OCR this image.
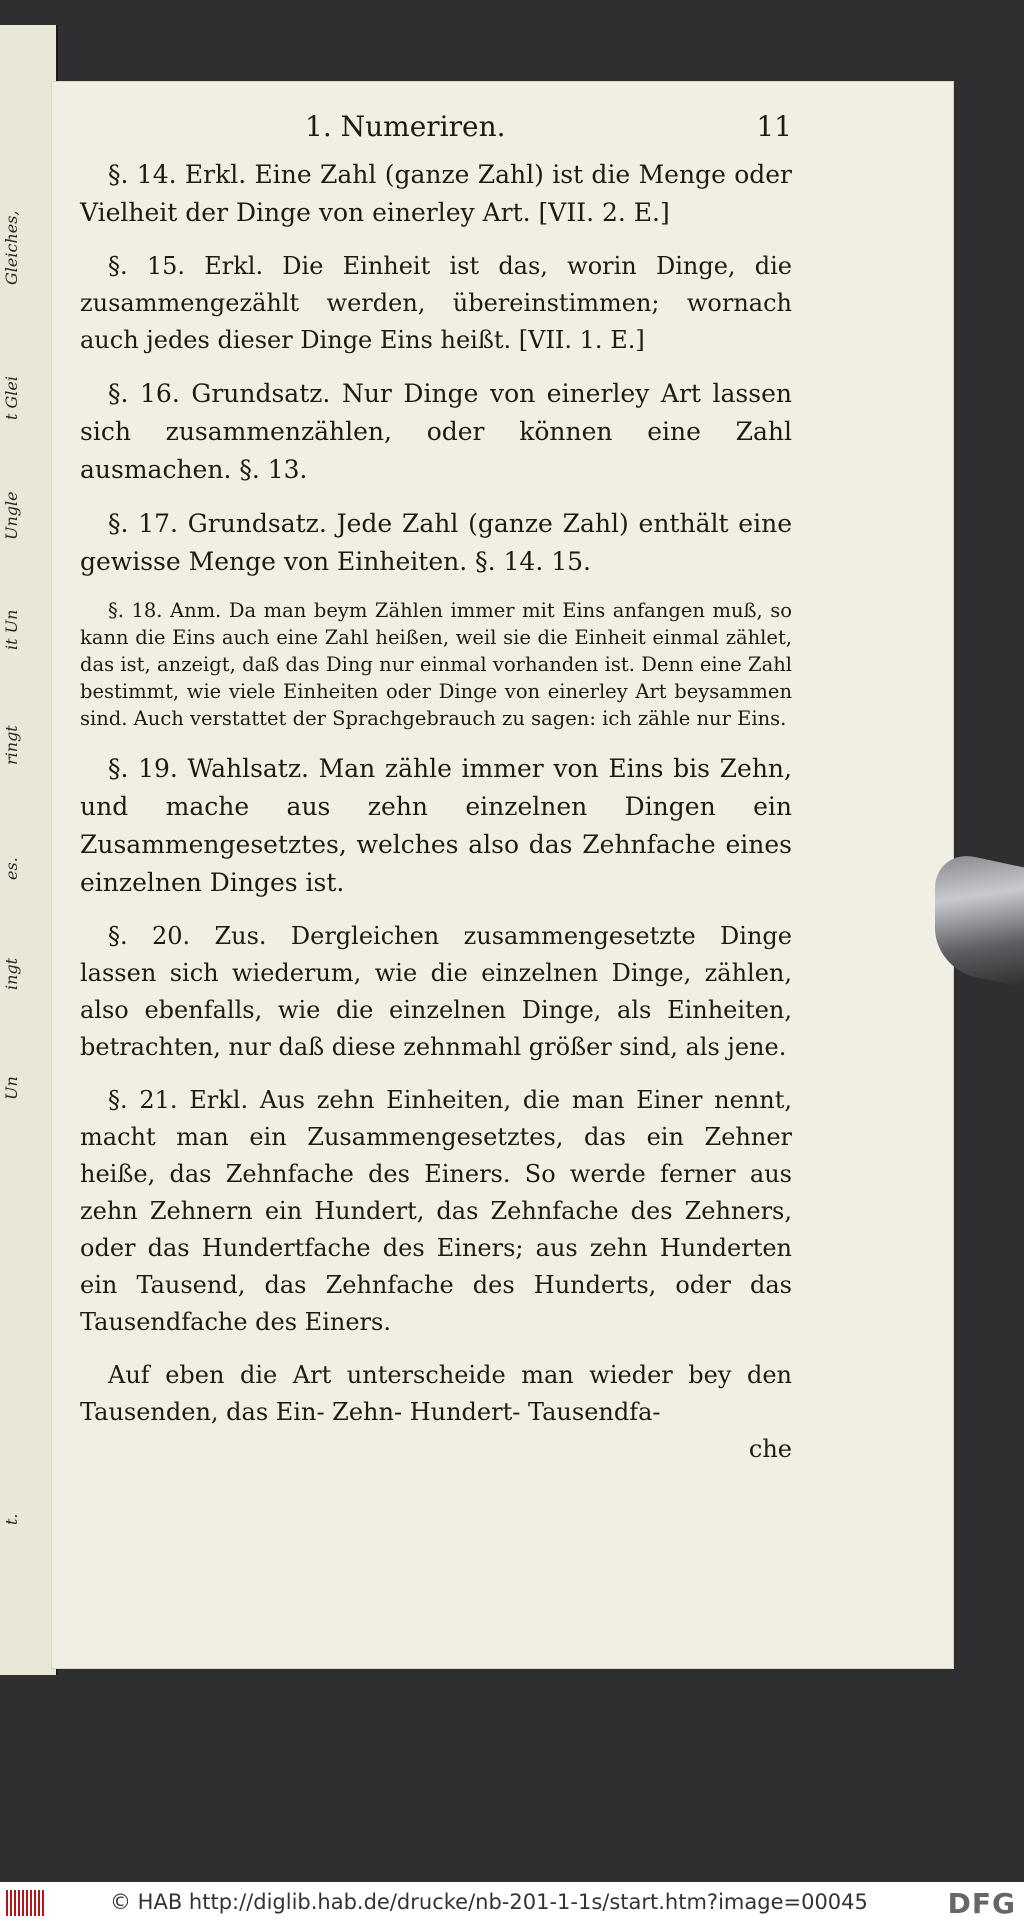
Gleiches,
t Glei
Ungle
it Un
ringt
es.
ingt
Un
t.
1. Numeriren.	11

§. 14. Erkl. Eine Zahl (ganze Zahl) ist die Menge oder Vielheit der Dinge von einerley Art. [VII. 2. E.]

§. 15. Erkl. Die Einheit ist das, worin Dinge, die zusammengezählt werden, übereinstimmen; wornach auch jedes dieser Dinge Eins heißt. [VII. 1. E.]

§. 16. Grundsatz. Nur Dinge von einerley Art lassen sich zusammenzählen, oder können eine Zahl ausmachen. §. 13.

§. 17. Grundsatz. Jede Zahl (ganze Zahl) enthält eine gewisse Menge von Einheiten. §. 14. 15.

§. 18. Anm. Da man beym Zählen immer mit Eins anfangen muß, so kann die Eins auch eine Zahl heißen, weil sie die Einheit einmal zählet, das ist, anzeigt, daß das Ding nur einmal vorhanden ist. Denn eine Zahl bestimmt, wie viele Einheiten oder Dinge von einerley Art beysammen sind. Auch verstattet der Sprachgebrauch zu sagen: ich zähle nur Eins.

§. 19. Wahlsatz. Man zähle immer von Eins bis Zehn, und mache aus zehn einzelnen Dingen ein Zusammengesetztes, welches also das Zehnfache eines einzelnen Dinges ist.

§. 20. Zus. Dergleichen zusammengesetzte Dinge lassen sich wiederum, wie die einzelnen Dinge, zählen, also ebenfalls, wie die einzelnen Dinge, als Einheiten, betrachten, nur daß diese zehnmahl größer sind, als jene.

§. 21. Erkl. Aus zehn Einheiten, die man Einer nennt, macht man ein Zusammengesetztes, das ein Zehner heiße, das Zehnfache des Einers. So werde ferner aus zehn Zehnern ein Hundert, das Zehnfache des Zehners, oder das Hundertfache des Einers; aus zehn Hunderten ein Tausend, das Zehnfache des Hunderts, oder das Tausendfache des Einers.

Auf eben die Art unterscheide man wieder bey den Tausenden, das Ein- Zehn- Hundert- Tausendfa-

che
© HAB http://diglib.hab.de/drucke/nb-201-1-1s/start.htm?image=00045	DFG
